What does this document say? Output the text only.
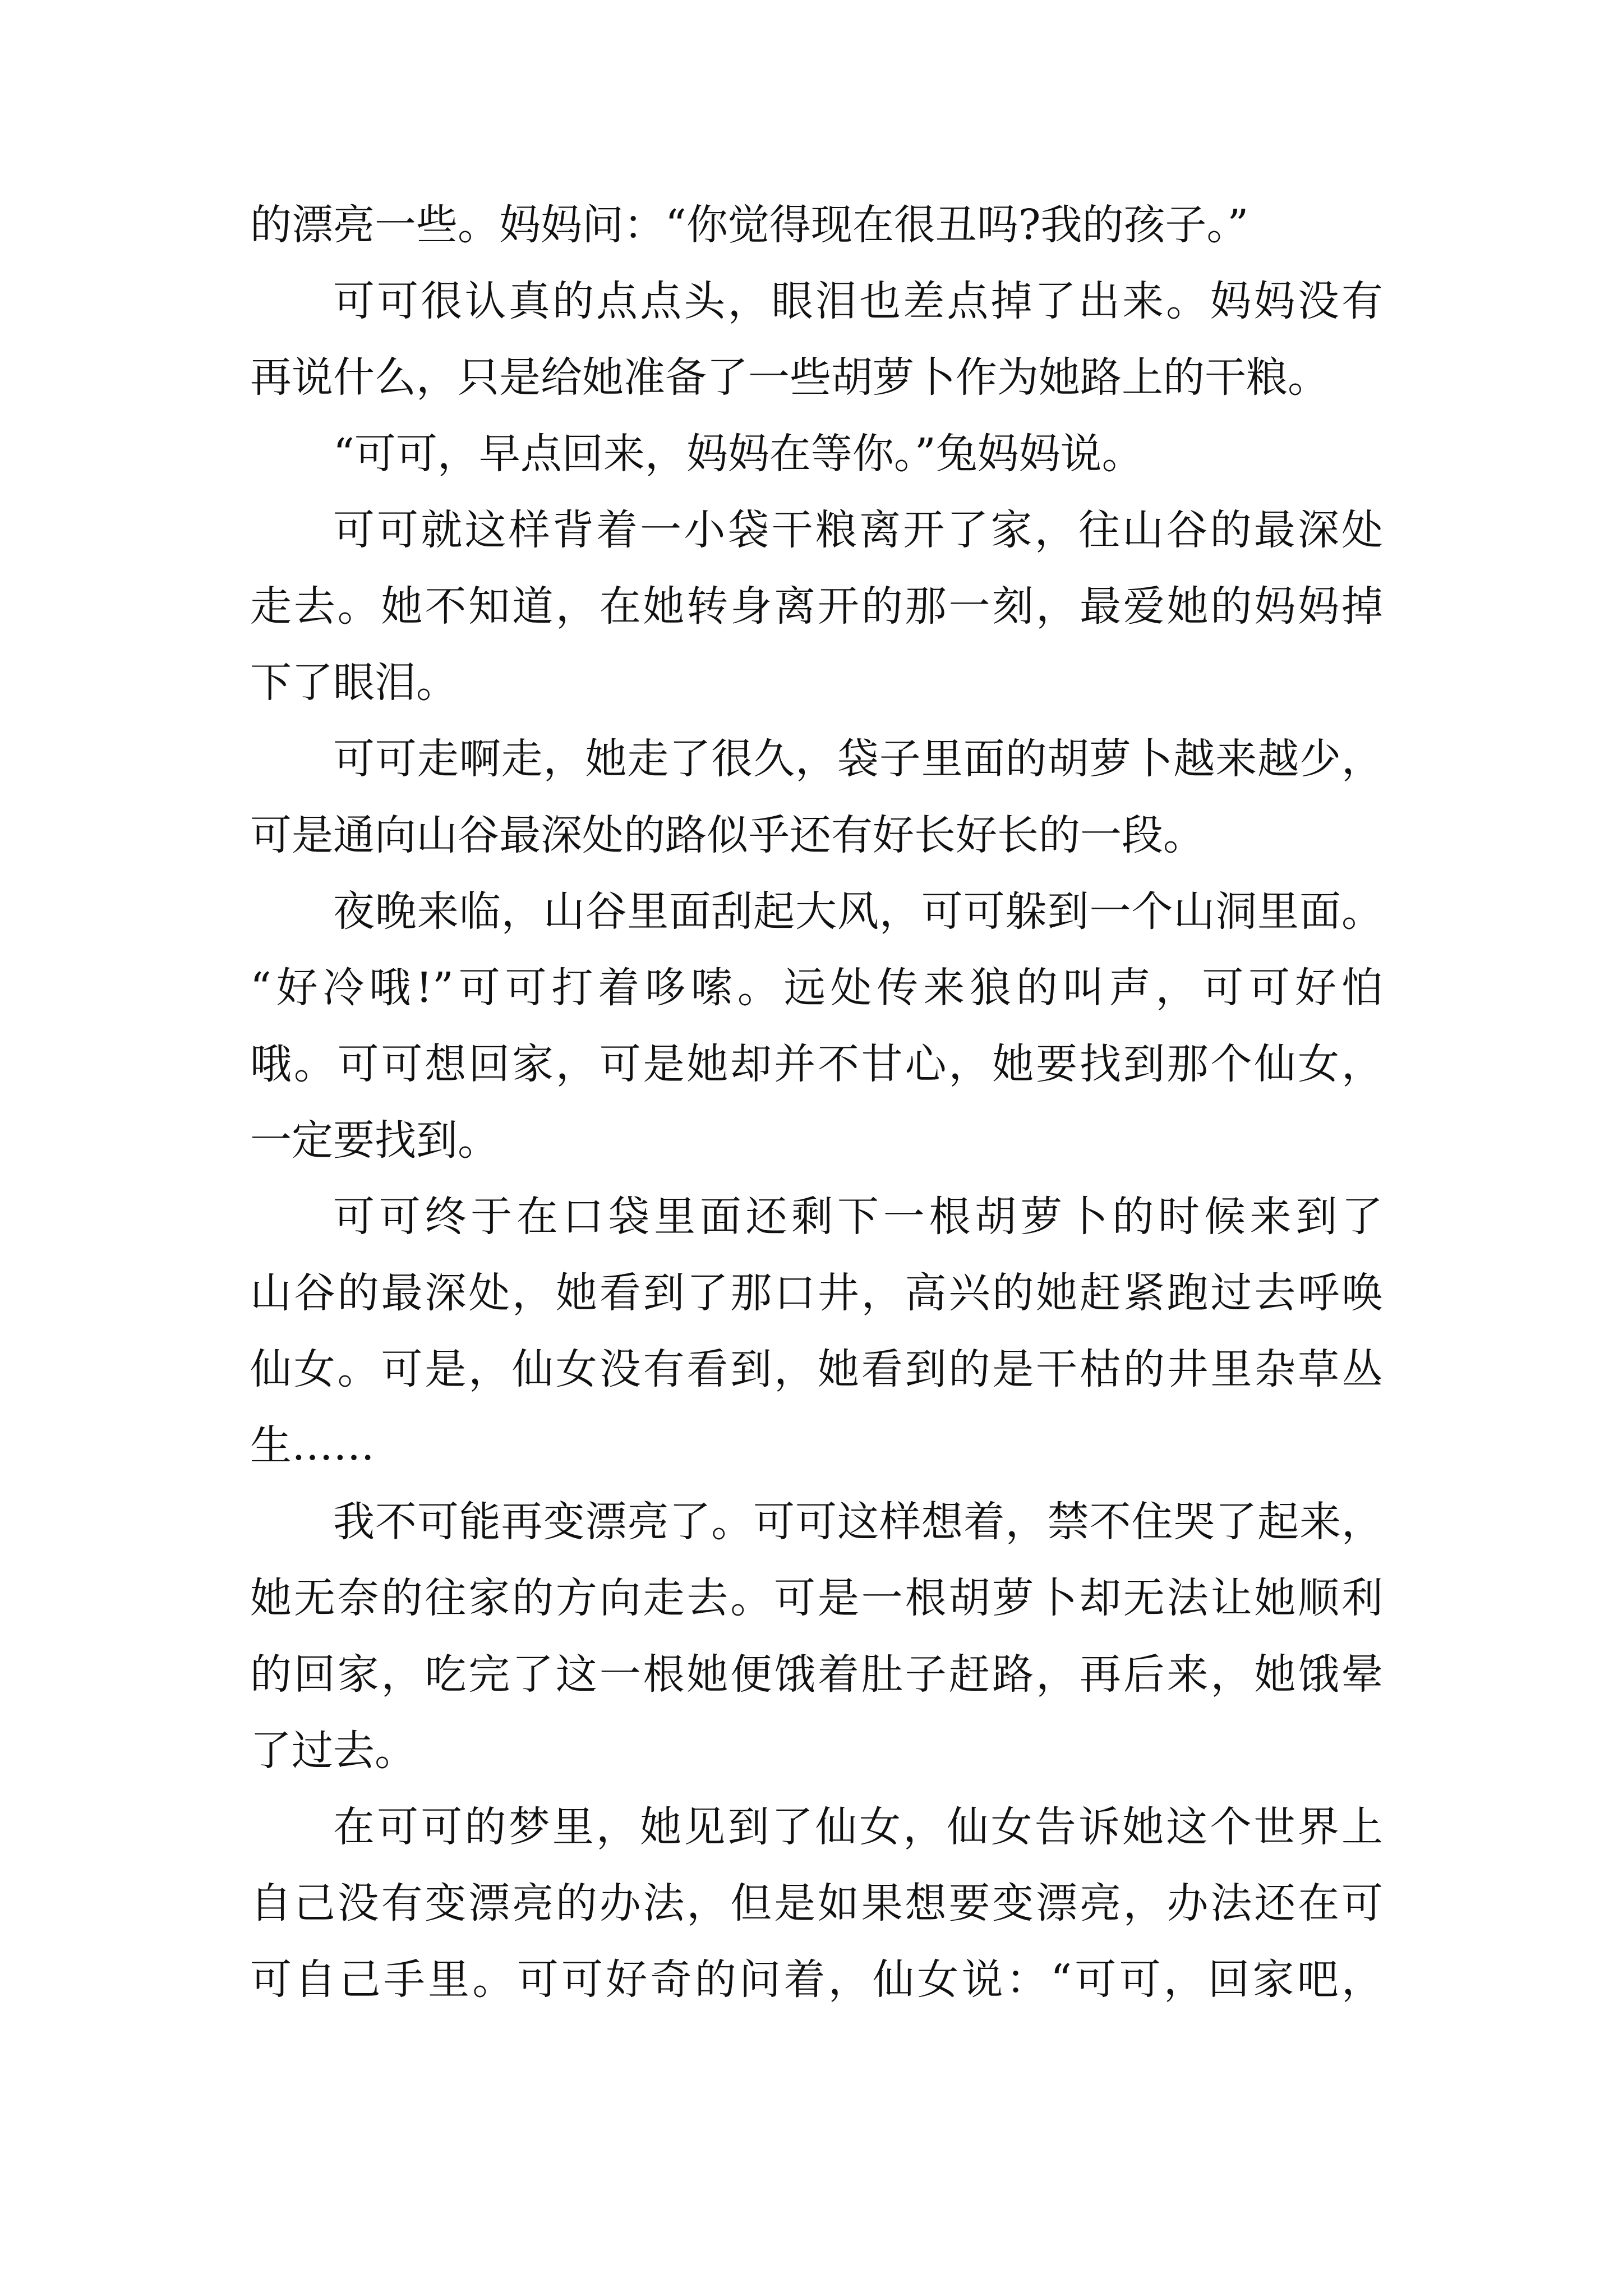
的漂亮一些。妈妈问：“你觉得现在很丑吗?我的孩子。”
可可很认真的点点头，眼泪也差点掉了出来。妈妈没有
再说什么，只是给她准备了一些胡萝卜作为她路上的干粮。
“可可，早点回来，妈妈在等你。”兔妈妈说。
可可就这样背着一小袋干粮离开了家，往山谷的最深处
走去。她不知道，在她转身离开的那一刻，最爱她的妈妈掉
下了眼泪。
可可走啊走，她走了很久，袋子里面的胡萝卜越来越少，
可是通向山谷最深处的路似乎还有好长好长的一段。
夜晚来临，山谷里面刮起大风，可可躲到一个山洞里面。
“好冷哦!”可可打着哆嗦。远处传来狼的叫声，可可好怕
哦。可可想回家，可是她却并不甘心，她要找到那个仙女，
一定要找到。
可可终于在口袋里面还剩下一根胡萝卜的时候来到了
山谷的最深处，她看到了那口井，高兴的她赶紧跑过去呼唤
仙女。可是，仙女没有看到，她看到的是干枯的井里杂草丛
生……
我不可能再变漂亮了。可可这样想着，禁不住哭了起来，
她无奈的往家的方向走去。可是一根胡萝卜却无法让她顺利
的回家，吃完了这一根她便饿着肚子赶路，再后来，她饿晕
了过去。
在可可的梦里，她见到了仙女，仙女告诉她这个世界上
自己没有变漂亮的办法，但是如果想要变漂亮，办法还在可
可自己手里。可可好奇的问着，仙女说：“可可，回家吧，
